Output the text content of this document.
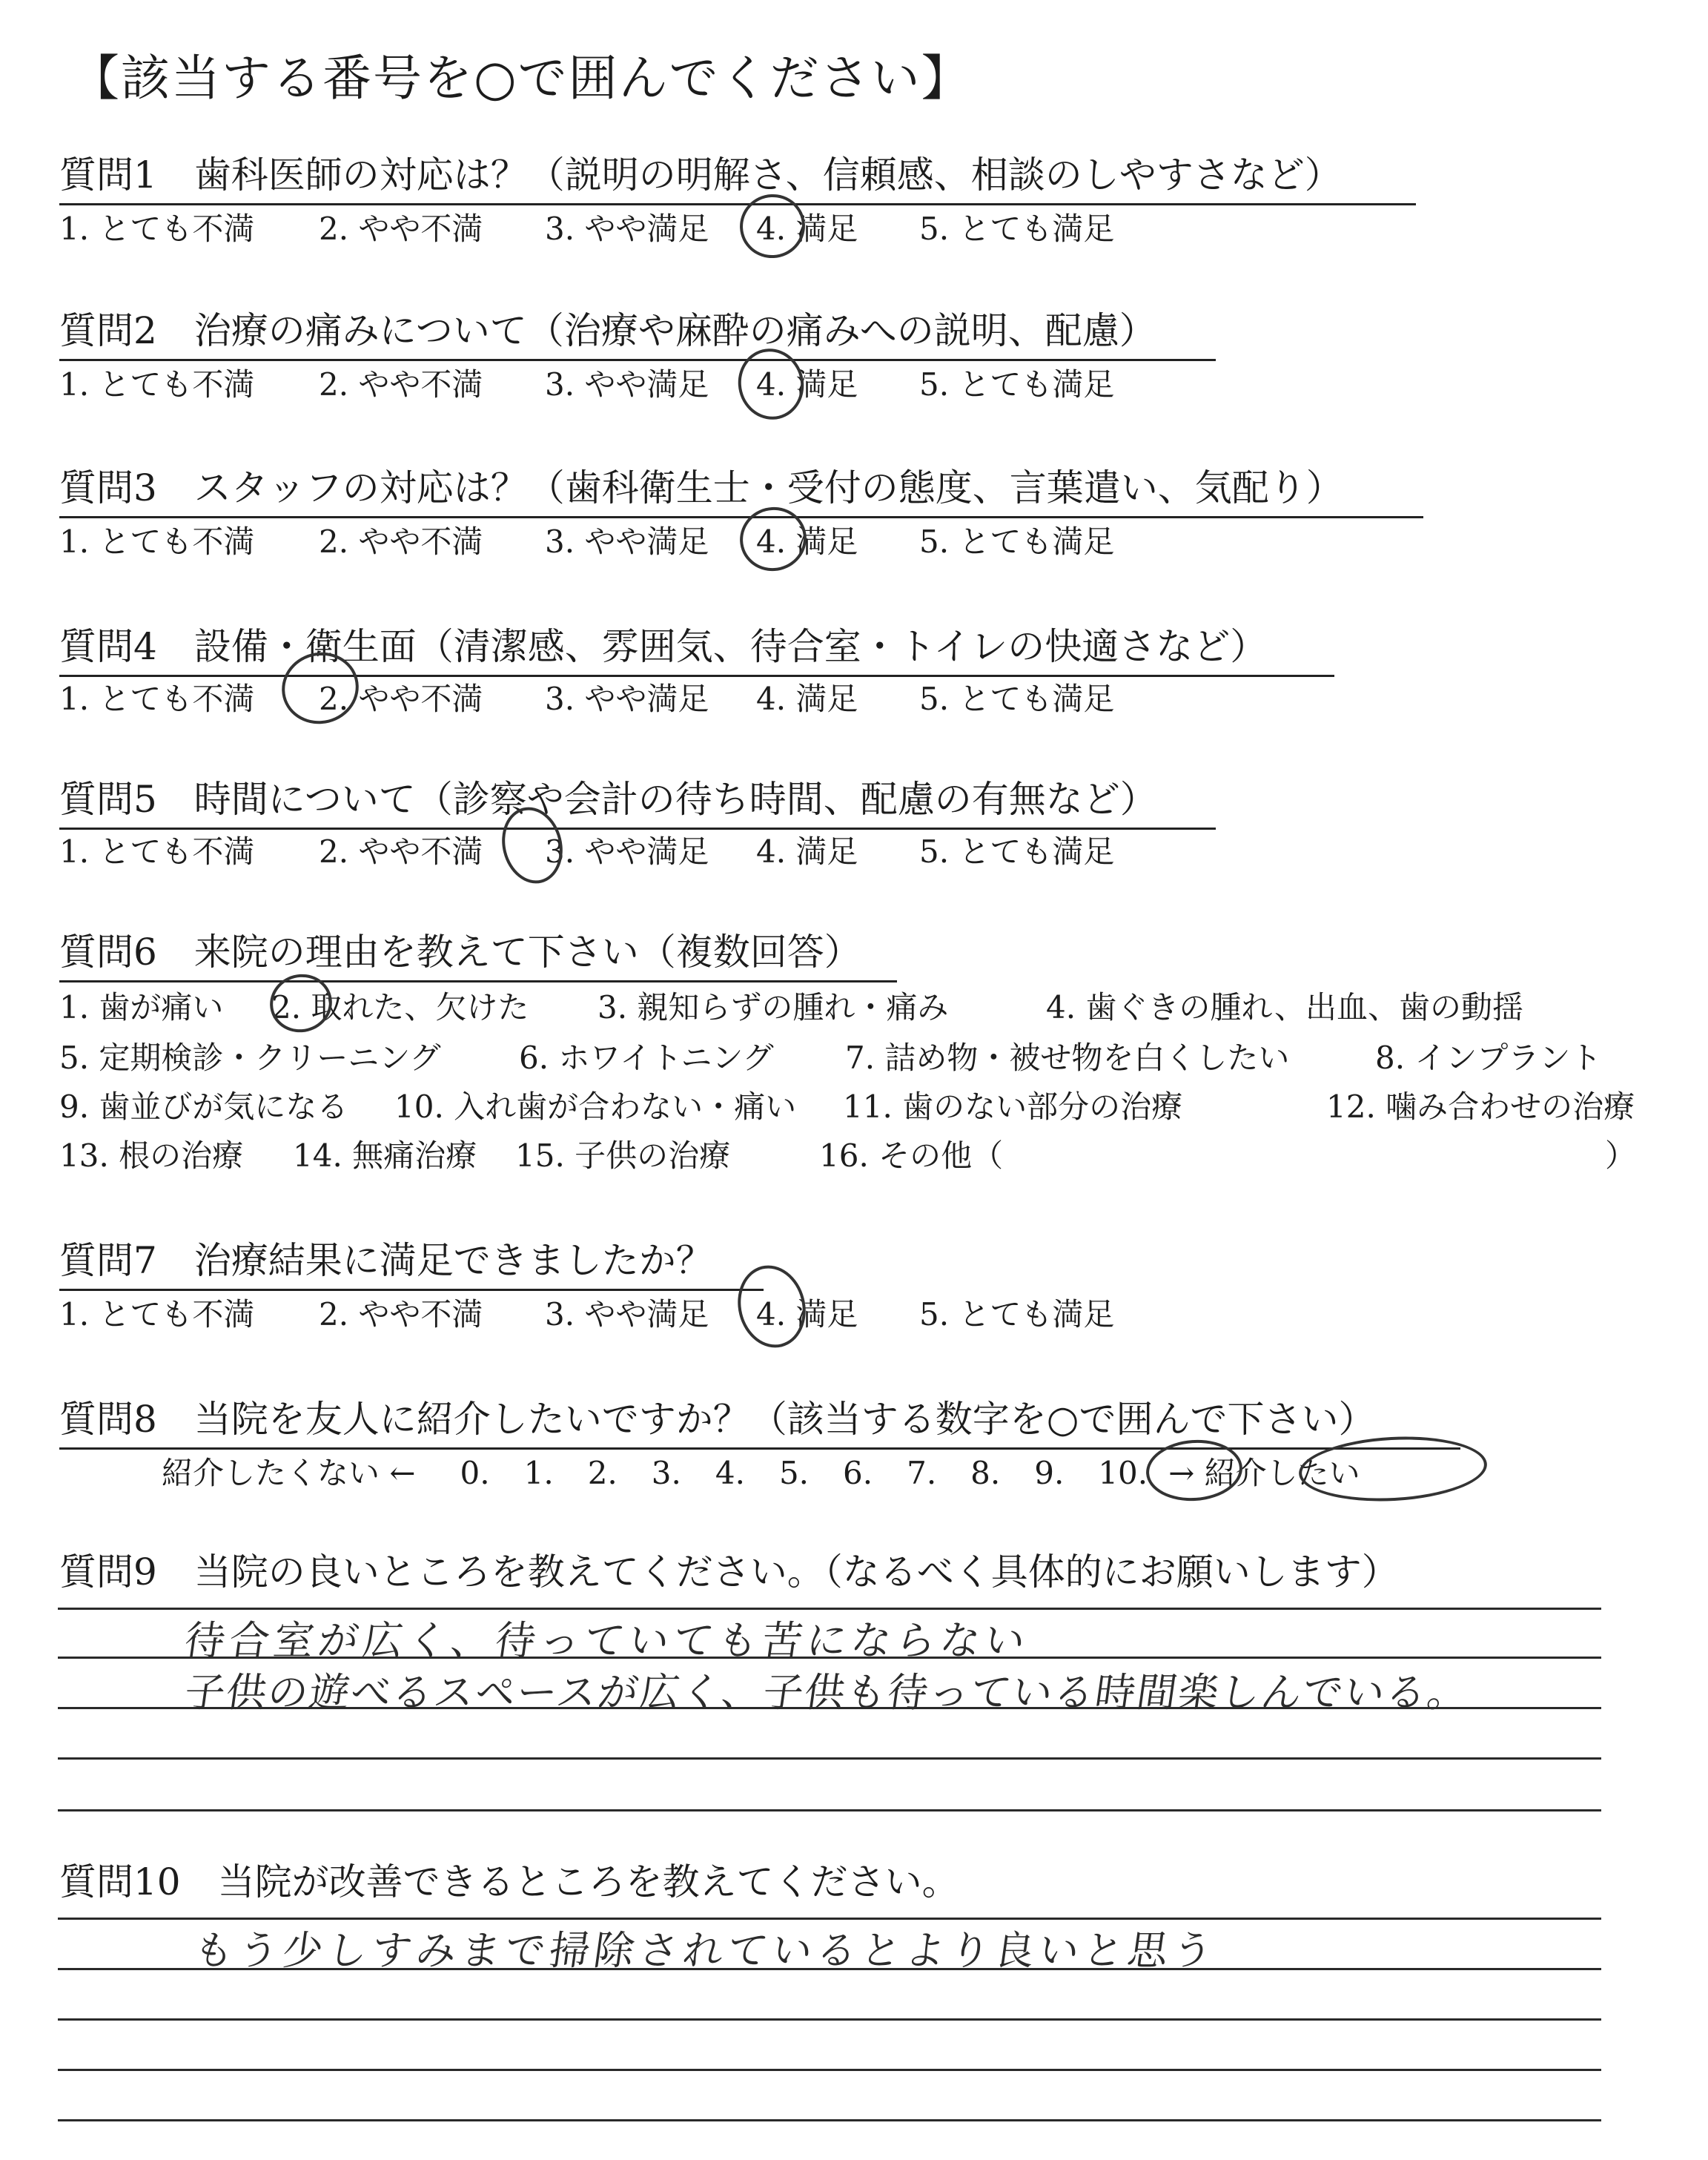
【該当する番号を○で囲んでください】
質問1　歯科医師の対応は？（説明の明解さ、信頼感、相談のしやすさなど）
1. とても不満 2. やや不満 3. やや満足 4. 満足 5. とても満足
質問2　治療の痛みについて（治療や麻酔の痛みへの説明、配慮）
1. とても不満 2. やや不満 3. やや満足 4. 満足 5. とても満足
質問3　スタッフの対応は？（歯科衛生士・受付の態度、言葉遣い、気配り）
1. とても不満 2. やや不満 3. やや満足 4. 満足 5. とても満足
質問4　設備・衛生面（清潔感、雰囲気、待合室・トイレの快適さなど）
1. とても不満 2. やや不満 3. やや満足 4. 満足 5. とても満足
質問5　時間について（診察や会計の待ち時間、配慮の有無など）
1. とても不満 2. やや不満 3. やや満足 4. 満足 5. とても満足
質問6　来院の理由を教えて下さい（複数回答）
1. 歯が痛い 2. 取れた、欠けた 3. 親知らずの腫れ・痛み	4. 歯ぐきの腫れ、出血、歯の動揺
5. 定期検診・クリーニング	6. ホワイトニング 7. 詰め物・被せ物を白くしたい	8. インプラント
9. 歯並びが気になる 10. 入れ歯が合わない・痛い 11. 歯のない部分の治療	12. 噛み合わせの治療
13. 根の治療 14. 無痛治療 15. 子供の治療	16. その他（	）
質問7　治療結果に満足できましたか？
1. とても不満 2. やや不満 3. やや満足 4. 満足 5. とても満足
質問8　当院を友人に紹介したいですか？（該当する数字を○で囲んで下さい）
紹介したくない ← 0. 1. 2. 3. 4. 5. 6. 7. 8. 9. 10. → 紹介したい
質問9　当院の良いところを教えてください。（なるべく具体的にお願いします）
待合室が広く、待っていても苦にならない
子供の遊べるスペースが広く、子供も待っている時間楽しんでいる。
質問10　当院が改善できるところを教えてください。
もう少しすみまで掃除されているとより良いと思う
